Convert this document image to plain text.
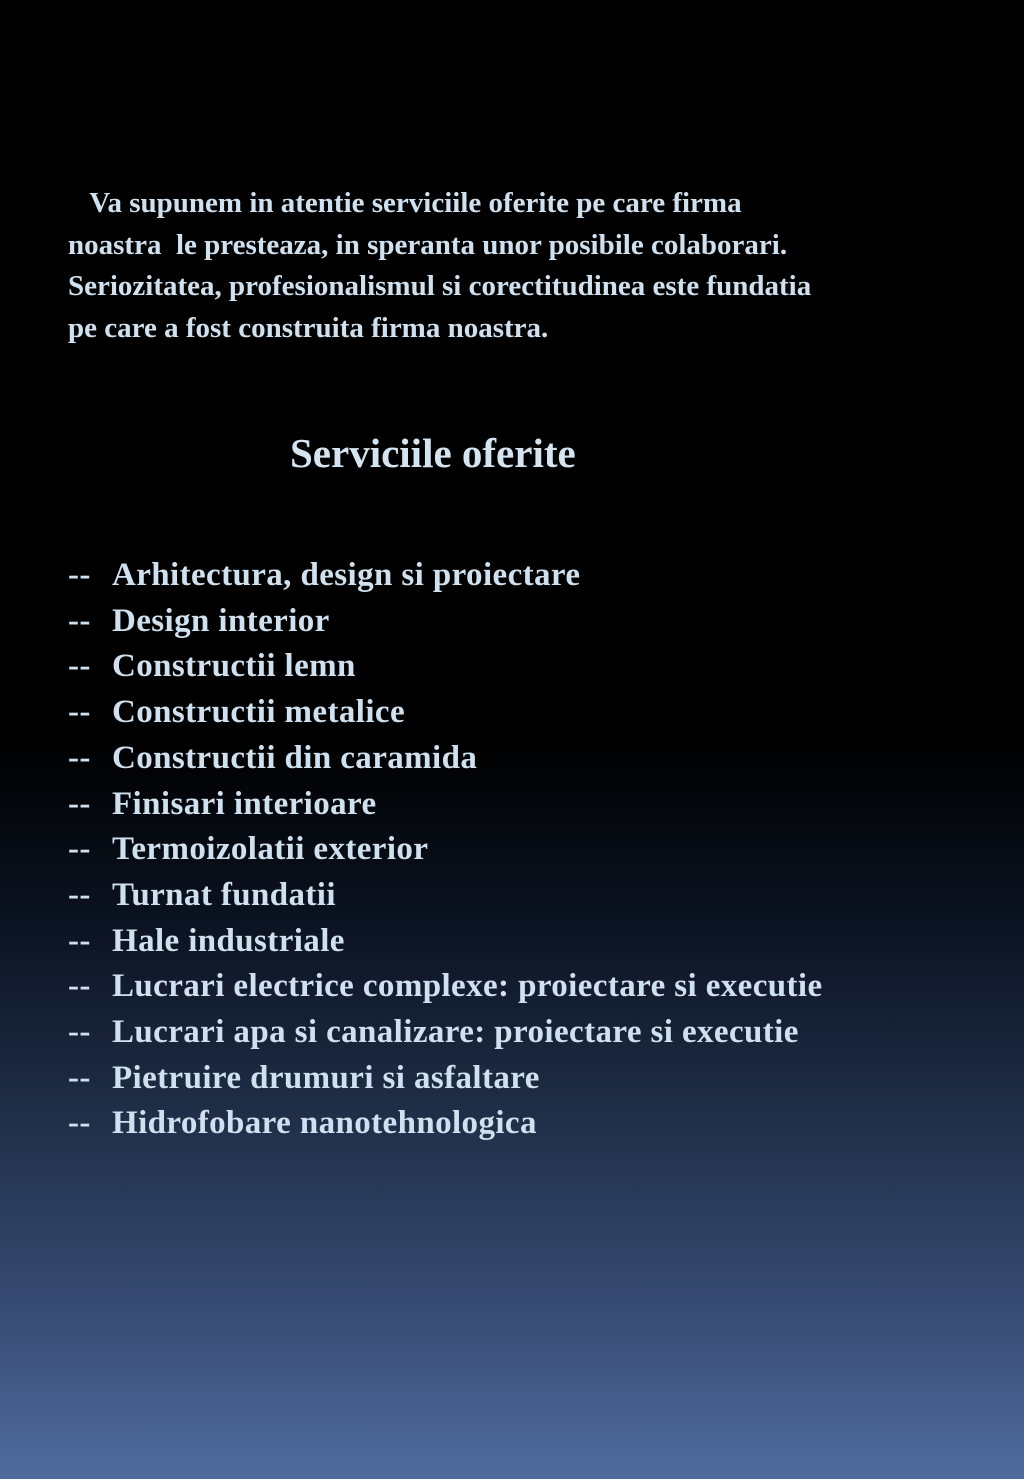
Va supunem in atentie serviciile oferite pe care firma
noastra  le presteaza, in speranta unor posibile colaborari.
Seriozitatea, profesionalismul si corectitudinea este fundatia
pe care a fost construita firma noastra.

Serviciile oferite
-- Arhitectura, design si proiectare
-- Design interior
-- Constructii lemn
-- Constructii metalice
-- Constructii din caramida
-- Finisari interioare
-- Termoizolatii exterior
-- Turnat fundatii
-- Hale industriale
-- Lucrari electrice complexe: proiectare si executie
-- Lucrari apa si canalizare: proiectare si executie
-- Pietruire drumuri si asfaltare
-- Hidrofobare nanotehnologica
